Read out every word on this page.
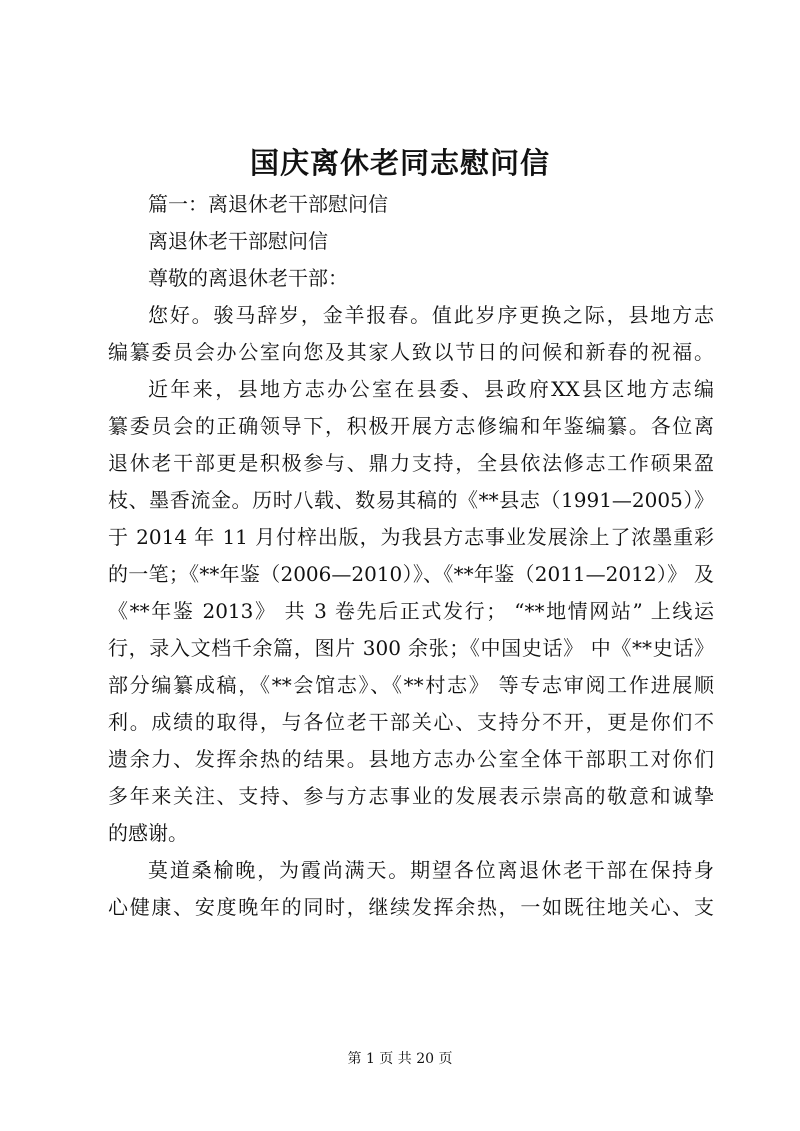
国庆离休老同志慰问信
篇一：离退休老干部慰问信
离退休老干部慰问信
尊敬的离退休老干部：
您好。骏马辞岁，金羊报春。值此岁序更换之际，县地方志
编纂委员会办公室向您及其家人致以节日的问候和新春的祝福。
近年来，县地方志办公室在县委、县政府XX县区地方志编
纂委员会的正确领导下，积极开展方志修编和年鉴编纂。各位离
退休老干部更是积极参与、鼎力支持，全县依法修志工作硕果盈
枝、墨香流金。历时八载、数易其稿的《**县志（1991—2005）》
于 2014 年 11 月付梓出版，为我县方志事业发展涂上了浓墨重彩
的一笔；《**年鉴（2006—2010）》、《**年鉴（2011—2012）》 及
《**年鉴 2013》 共 3 卷先后正式发行； “**地情网站” 上线运
行，录入文档千余篇，图片 300 余张；《中国史话》 中《**史话》
部分编纂成稿，《**会馆志》、《**村志》 等专志审阅工作进展顺
利。成绩的取得，与各位老干部关心、支持分不开，更是你们不
遗余力、发挥余热的结果。县地方志办公室全体干部职工对你们
多年来关注、支持、参与方志事业的发展表示崇高的敬意和诚挚
的感谢。
莫道桑榆晚，为霞尚满天。期望各位离退休老干部在保持身
心健康、安度晚年的同时，继续发挥余热，一如既往地关心、支
第 1 页 共 20 页
